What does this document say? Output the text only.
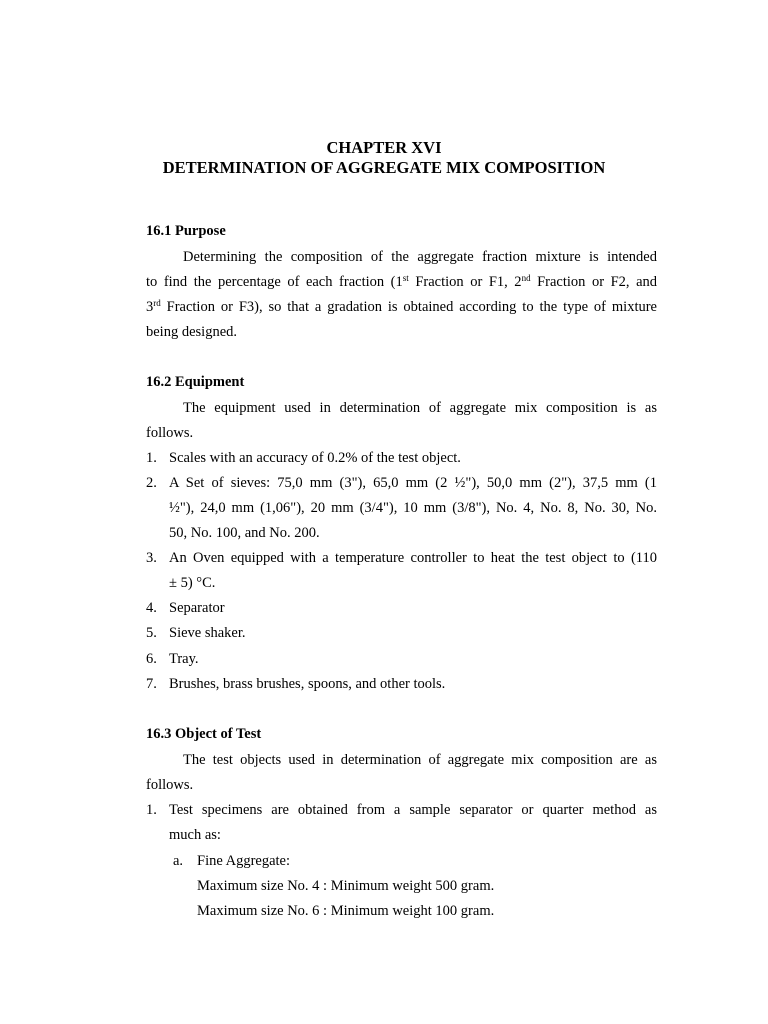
CHAPTER XVI
DETERMINATION OF AGGREGATE MIX COMPOSITION
16.1 Purpose
Determining the composition of the aggregate fraction mixture is intended
to find the percentage of each fraction (1st Fraction or F1, 2nd Fraction or F2, and
3rd Fraction or F3), so that a gradation is obtained according to the type of mixture
being designed.
16.2 Equipment
The equipment used in determination of aggregate mix composition is as
follows.
1. Scales with an accuracy of 0.2% of the test object.
2. A Set of sieves: 75,0 mm (3"), 65,0 mm (2 ½"), 50,0 mm (2"), 37,5 mm (1
½"), 24,0 mm (1,06"), 20 mm (3/4"), 10 mm (3/8"), No. 4, No. 8, No. 30, No.
50, No. 100, and No. 200.
3. An Oven equipped with a temperature controller to heat the test object to (110
± 5) °C.
4. Separator
5. Sieve shaker.
6. Tray.
7. Brushes, brass brushes, spoons, and other tools.
16.3 Object of Test
The test objects used in determination of aggregate mix composition are as
follows.
1. Test specimens are obtained from a sample separator or quarter method as
much as:
a. Fine Aggregate:
Maximum size No. 4 : Minimum weight 500 gram.
Maximum size No. 6 : Minimum weight 100 gram.
